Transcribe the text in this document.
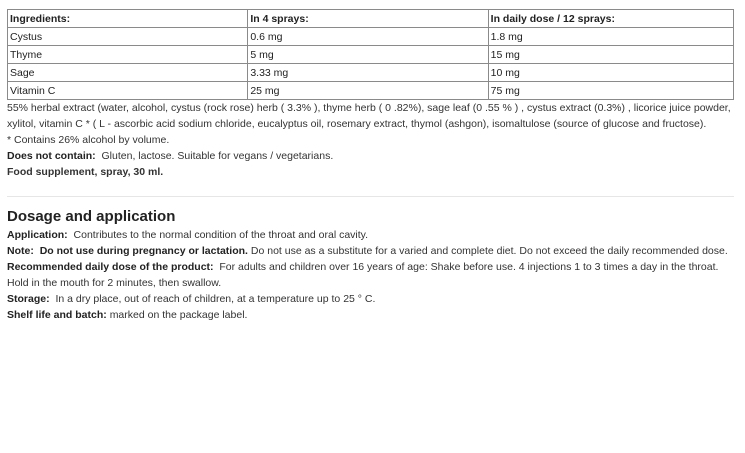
Ingredients:	In 4 sprays:	In daily dose / 12 sprays:
Cystus	0.6 mg	1.8 mg
Thyme	5 mg	15 mg
Sage	3.33 mg	10 mg
Vitamin C	25 mg	75 mg

55% herbal extract (water, alcohol, cystus (rock rose) herb ( 3.3% ), thyme herb ( 0 .82%), sage leaf (0 .55 % ) , cystus extract (0.3%) , licorice juice powder, xylitol, vitamin C * ( L - ascorbic acid sodium chloride, eucalyptus oil, rosemary extract, thymol (ashgon), isomaltulose (source of glucose and fructose).

* Contains 26% alcohol by volume.

Does not contain: Gluten, lactose. Suitable for vegans / vegetarians.

Food supplement, spray, 30 ml.

Dosage and application

Application: Contributes to the normal condition of the throat and oral cavity.

Note: Do not use during pregnancy or lactation. Do not use as a substitute for a varied and complete diet. Do not exceed the daily recommended dose.

Recommended daily dose of the product: For adults and children over 16 years of age: Shake before use. 4 injections 1 to 3 times a day in the throat. Hold in the mouth for 2 minutes, then swallow.

Storage: In a dry place, out of reach of children, at a temperature up to 25 ° C.

Shelf life and batch: marked on the package label.
